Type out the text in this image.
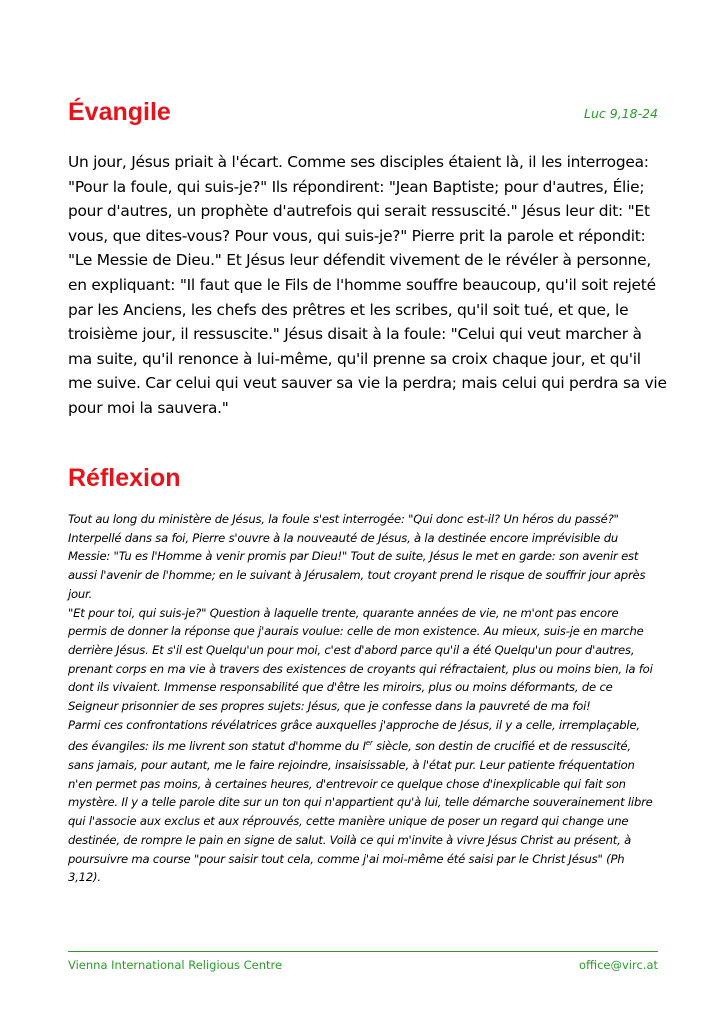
Évangile	Luc 9,18-24

Un jour, Jésus priait à l'écart. Comme ses disciples étaient là, il les interrogea: "Pour la foule, qui suis-je?" Ils répondirent: "Jean Baptiste; pour d'autres, Élie; pour d'autres, un prophète d'autrefois qui serait ressuscité." Jésus leur dit: "Et vous, que dites-vous? Pour vous, qui suis-je?" Pierre prit la parole et répondit: "Le Messie de Dieu." Et Jésus leur défendit vivement de le révéler à personne, en expliquant: "Il faut que le Fils de l'homme souffre beaucoup, qu'il soit rejeté par les Anciens, les chefs des prêtres et les scribes, qu'il soit tué, et que, le troisième jour, il ressuscite." Jésus disait à la foule: "Celui qui veut marcher à ma suite, qu'il renonce à lui-même, qu'il prenne sa croix chaque jour, et qu'il me suive. Car celui qui veut sauver sa vie la perdra; mais celui qui perdra sa vie pour moi la sauvera."

Réflexion

Tout au long du ministère de Jésus, la foule s'est interrogée: "Qui donc est-il? Un héros du passé?" Interpellé dans sa foi, Pierre s'ouvre à la nouveauté de Jésus, à la destinée encore imprévisible du Messie: "Tu es l'Homme à venir promis par Dieu!" Tout de suite, Jésus le met en garde: son avenir est aussi l'avenir de l'homme; en le suivant à Jérusalem, tout croyant prend le risque de souffrir jour après jour.

"Et pour toi, qui suis-je?" Question à laquelle trente, quarante années de vie, ne m'ont pas encore permis de donner la réponse que j'aurais voulue: celle de mon existence. Au mieux, suis-je en marche derrière Jésus. Et s'il est Quelqu'un pour moi, c'est d'abord parce qu'il a été Quelqu'un pour d'autres, prenant corps en ma vie à travers des existences de croyants qui réfractaient, plus ou moins bien, la foi dont ils vivaient. Immense responsabilité que d'être les miroirs, plus ou moins déformants, de ce Seigneur prisonnier de ses propres sujets: Jésus, que je confesse dans la pauvreté de ma foi!

Parmi ces confrontations révélatrices grâce auxquelles j'approche de Jésus, il y a celle, irremplaçable, des évangiles: ils me livrent son statut d'homme du Ier siècle, son destin de crucifié et de ressuscité, sans jamais, pour autant, me le faire rejoindre, insaisissable, à l'état pur. Leur patiente fréquentation n'en permet pas moins, à certaines heures, d'entrevoir ce quelque chose d'inexplicable qui fait son mystère. Il y a telle parole dite sur un ton qui n'appartient qu'à lui, telle démarche souverainement libre qui l'associe aux exclus et aux réprouvés, cette manière unique de poser un regard qui change une destinée, de rompre le pain en signe de salut. Voilà ce qui m'invite à vivre Jésus Christ au présent, à poursuivre ma course "pour saisir tout cela, comme j'ai moi-même été saisi par le Christ Jésus" (Ph 3,12).

Vienna International Religious Centre	office@virc.at
